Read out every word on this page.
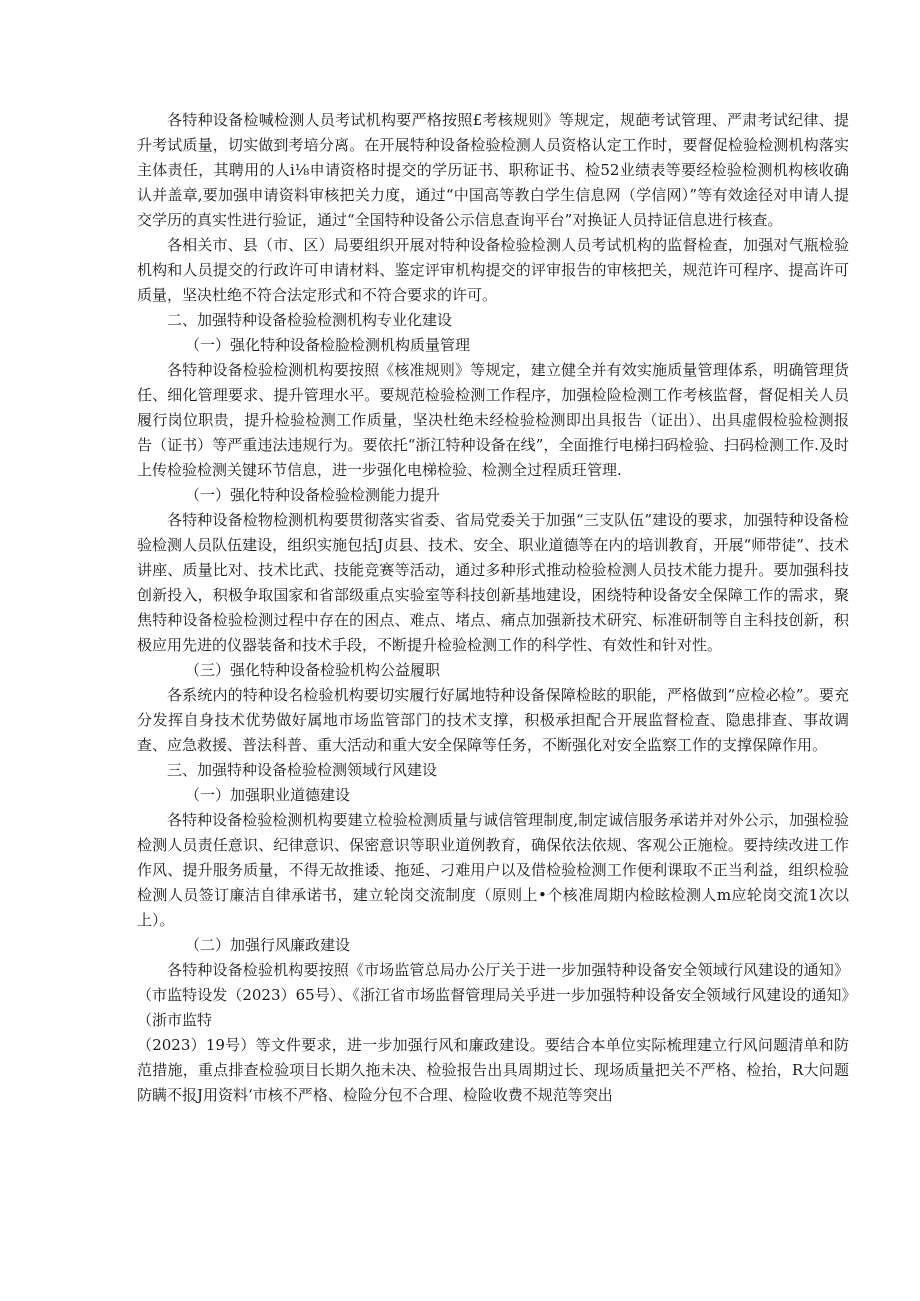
各特种设备检喊检测人员考试机构要严格按照£考核规则》等规定，规葩考试管理、严肃考试纪律、提升考试质量，切实做到考培分离。在开展特种设备检验检测人员资格认定工作时，要督促检验检测机构落实主体责任，其聘用的人i⅛申请资格时提交的学历证书、职称证书、检52业绩表等要经检验检测机构核收确认并盖章,要加强申请资料审核把关力度，通过“中国高等教白学生信息网（学信网）”等有效途径对申请人提交学历的真实性进行验证，通过“全国特种设备公示信息查询平台”对换证人员持证信息进行核查。

各相关市、县（市、区）局要组织开展对特种设备检验检测人员考试机构的监督检查，加强对气瓶检验机构和人员提交的行政许可申请材料、鉴定评审机构提交的评审报告的审核把关，规范许可程序、提高许可质量，坚决杜绝不符合法定形式和不符合要求的许可。

二、加强特种设备检验检测机构专业化建设

（一）强化特种设备检脸检测机构质量管理

各特种设备检验检测机构要按照《核准规则》等规定，建立健全并有效实施质量管理体系，明确管理货任、细化管理要求、提升管理水平。要规范检验检测工作程序，加强检险检测工作考核监督，督促相关人员履行岗位职贵，提升检验检测工作质量，坚决杜绝未经检验检测即出具报告（证出）、出具虚假检验检测报告（证书）等严重违法违规行为。要依托“浙江特种设备在线”，全面推行电梯扫码检验、扫码检测工作.及时上传检验检测关键环节信息，进一步强化电梯检验、检测全过程质玨管理.

（一）强化特种设备检验检测能力提升

各特种设备检物检测机构要贯彻落实省委、省局党委关于加强“三支队伍”建设的要求，加强特种设备检验检测人员队伍建设，组织实施包括J贞县、技术、安全、职业道德等在内的培训教育，开展“师带徒”、技术讲座、质量比对、技术比武、技能竞赛等活动，通过多种形式推动检验检测人员技术能力提升。要加强科技创新投入，积极争取国家和省部级重点实验室等科技创新基地建设，困绕特种设备安全保障工作的需求，聚焦特种设备检验检测过程中存在的困点、难点、堵点、痛点加强新技术研究、标准研制等自主科技创新，积极应用先进的仪器装备和技术手段，不断提升检验检测工作的科学性、有效性和针对性。

（三）强化特种设备检验机构公益履职

各系统内的特种设名检验机构要切实履行好属地特种设备保障检眩的职能，严格做到“应检必检”。要充分发挥自身技术优势做好属地市场监管部门的技术支撑，积极承担配合开展监督检查、隐患排查、事故调查、应急救援、普法科普、重大活动和重大安全保障等任务，不断强化对安全监察工作的支撑保障作用。

三、加强特种设备检验检测领域行风建设

（一）加强职业道德建设

各特种设备检验检测机构要建立检验检测质量与诚信管理制度,制定诚信服务承诺并对外公示，加强检验检测人员责任意识、纪律意识、保密意识等职业道例教育，确保依法依规、客观公正施检。要持续改进工作作风、提升服务质量，不得无故推诿、拖延、刁难用户以及借检验检测工作便利课取不正当利益，组织检验检测人员签订廉洁自律承诺书，建立轮岗交流制度（原则上•个核准周期内检眩检测人m应轮岗交流1次以上）。

（二）加强行风廉政建设

各特种设备检验机构要按照《市场监管总局办公厅关于进一步加强特种设备安全领域行风建设的通知》（市监特设发（2023）65号）、《浙江省市场监督管理局关乎进一步加强特种设备安全领域行风建设的通知》（浙市监特

（2023）19号）等文件要求，进一步加强行风和廉政建设。要结合本单位实际梳理建立行风问题清单和防范措施，重点排查检验项目长期久拖未决、检验报告出具周期过长、现场质量把关不严格、检抬，R大问题防瞒不报J用资料‘市核不严格、检险分包不合理、检险收费不规范等突出
